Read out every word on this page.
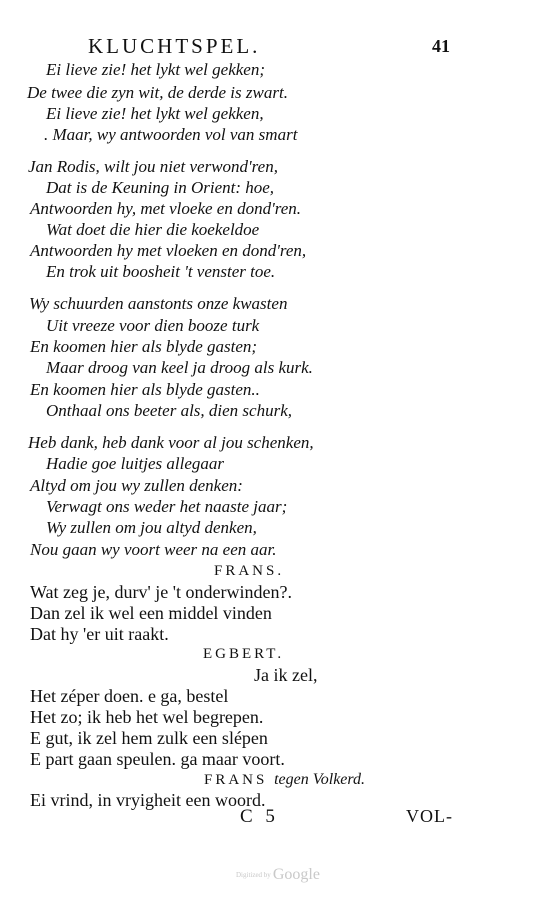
KLUCHTSPEL.	41
Ei lieve zie! het lykt wel gekken;
De twee die zyn wit, de derde is zwart.
Ei lieve zie! het lykt wel gekken,
. Maar, wy antwoorden vol van smart
Jan Rodis, wilt jou niet verwond'ren,
Dat is de Keuning in Orient: hoe,
Antwoorden hy, met vloeke en dond'ren.
Wat doet die hier die koekeldoe
Antwoorden hy met vloeken en dond'ren,
En trok uit boosheit 't venster toe.
Wy schuurden aanstonts onze kwasten
Uit vreeze voor dien booze turk
En koomen hier als blyde gasten;
Maar droog van keel ja droog als kurk.
En koomen hier als blyde gasten..
Onthaal ons beeter als, dien schurk,
Heb dank, heb dank voor al jou schenken,
Hadie goe luitjes allegaar
Altyd om jou wy zullen denken:
Verwagt ons weder het naaste jaar;
Wy zullen om jou altyd denken,
Nou gaan wy voort weer na een aar.
FRANS.
Wat zeg je, durv' je 't onderwinden?.
Dan zel ik wel een middel vinden
Dat hy 'er uit raakt.
EGBERT.
Ja ik zel,
Het zéper doen. e ga, bestel
Het zo; ik heb het wel begrepen.
E gut, ik zel hem zulk een slépen
E part gaan speulen. ga maar voort.
FRANS tegen Volkerd.
Ei vrind, in vryigheit een woord.
C 5	VOL-
Digitized by Google
